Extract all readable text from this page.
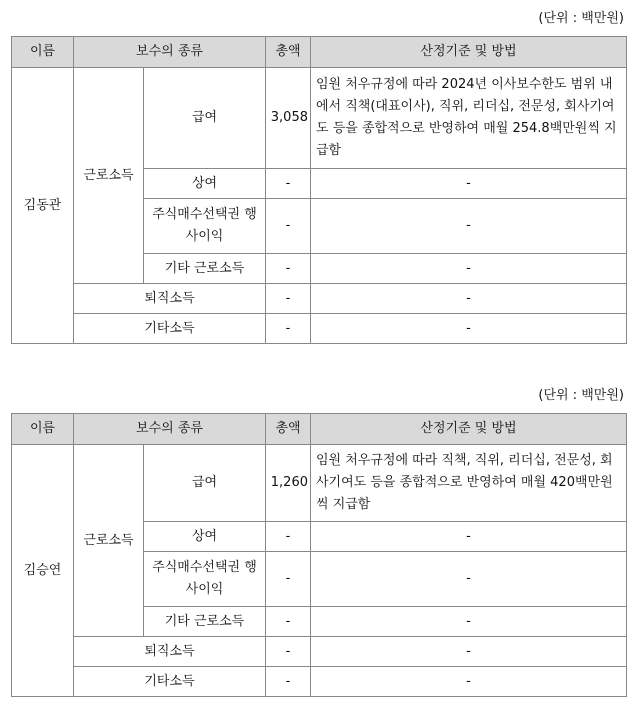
(단위 : 백만원)
이름	보수의 종류		총액	산정기준 및 방법
김동관	근로소득	급여	3,058	임원 처우규정에 따라 2024년 이사보수한도 범위 내에서 직책(대표이사), 직위, 리더십, 전문성, 회사기여도 등을 종합적으로 반영하여 매월 254.8백만원씩 지급함
		상여	-	-
		주식매수선택권 행사이익	-	-
		기타 근로소득	-	-
	퇴직소득		-	-
	기타소득		-	-
(단위 : 백만원)
이름	보수의 종류		총액	산정기준 및 방법
김승연	근로소득	급여	1,260	임원 처우규정에 따라 직책, 직위, 리더십, 전문성, 회사기여도 등을 종합적으로 반영하여 매월 420백만원씩 지급함
		상여	-	-
		주식매수선택권 행사이익	-	-
		기타 근로소득	-	-
	퇴직소득		-	-
	기타소득		-	-
